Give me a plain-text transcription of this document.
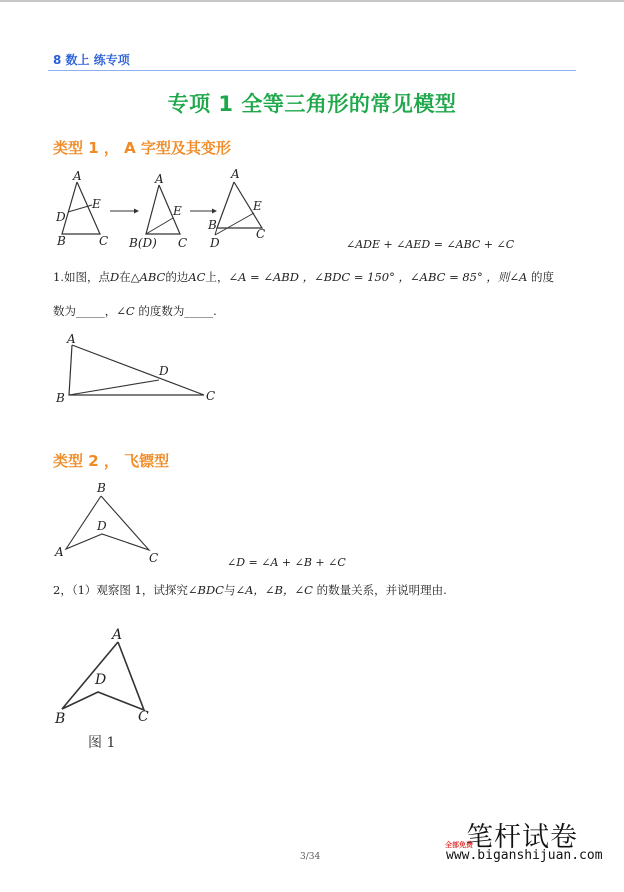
8 数上 练专项
专项 1 全等三角形的常见模型
类型 1 ， A 字型及其变形
A
D
E
B	C
A
E
B(D) C
A
E
B
C
D	∠ADE + ∠AED = ∠ABC + ∠C
1.如图，点D在△ABC的边AC上，∠A = ∠ABD ，∠BDC = 150° ，∠ABC = 85° ，则∠A 的度
数为_____，∠C 的度数为_____.
A
D
B	C
类型 2 ， 飞镖型
B
D
A	C	∠D = ∠A + ∠B + ∠C
2，（1）观察图 1，试探究∠BDC与∠A，∠B，∠C 的数量关系，并说明理由.
A
D
B	C
图 1
3/34
全部免费
笔杆试卷
www.biganshijuan.com
